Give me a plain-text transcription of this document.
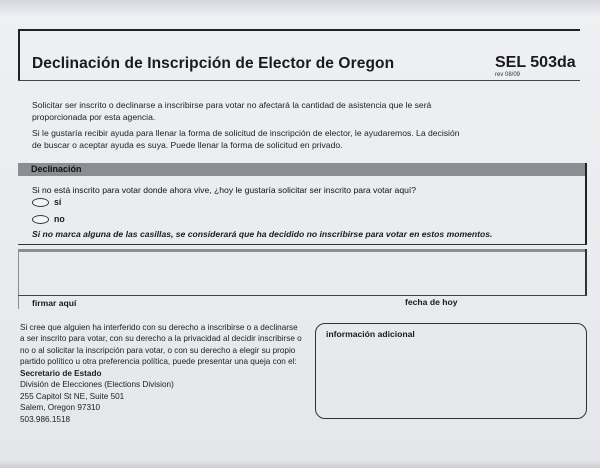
Declinación de Inscripción de Elector de Oregon	SEL 503da
rev 08/09
Solicitar ser inscrito o declinarse a inscribirse para votar no afectará la cantidad de asistencia que le será proporcionada por esta agencia.
Si le gustaría recibir ayuda para llenar la forma de solicitud de inscripción de elector, le ayudaremos. La decisión de buscar o aceptar ayuda es suya. Puede llenar la forma de solicitud en privado.
Declinación
Si no está inscrito para votar donde ahora vive, ¿hoy le gustaría solicitar ser inscrito para votar aquí?
sí
no
Si no marca alguna de las casillas, se considerará que ha decidido no inscribirse para votar en estos momentos.
firmar aquí	fecha de hoy
Si cree que alguien ha interferido con su derecho a inscribirse o a declinarse a ser inscrito para votar, con su derecho a la privacidad al decidir inscribirse o no o al solicitar la inscripción para votar, o con su derecho a elegir su propio partido político u otra preferencia política, puede presentar una queja con el:
Secretario de Estado
División de Elecciones (Elections Division)
255 Capitol St NE, Suite 501
Salem, Oregon 97310
503.986.1518
información adicional
